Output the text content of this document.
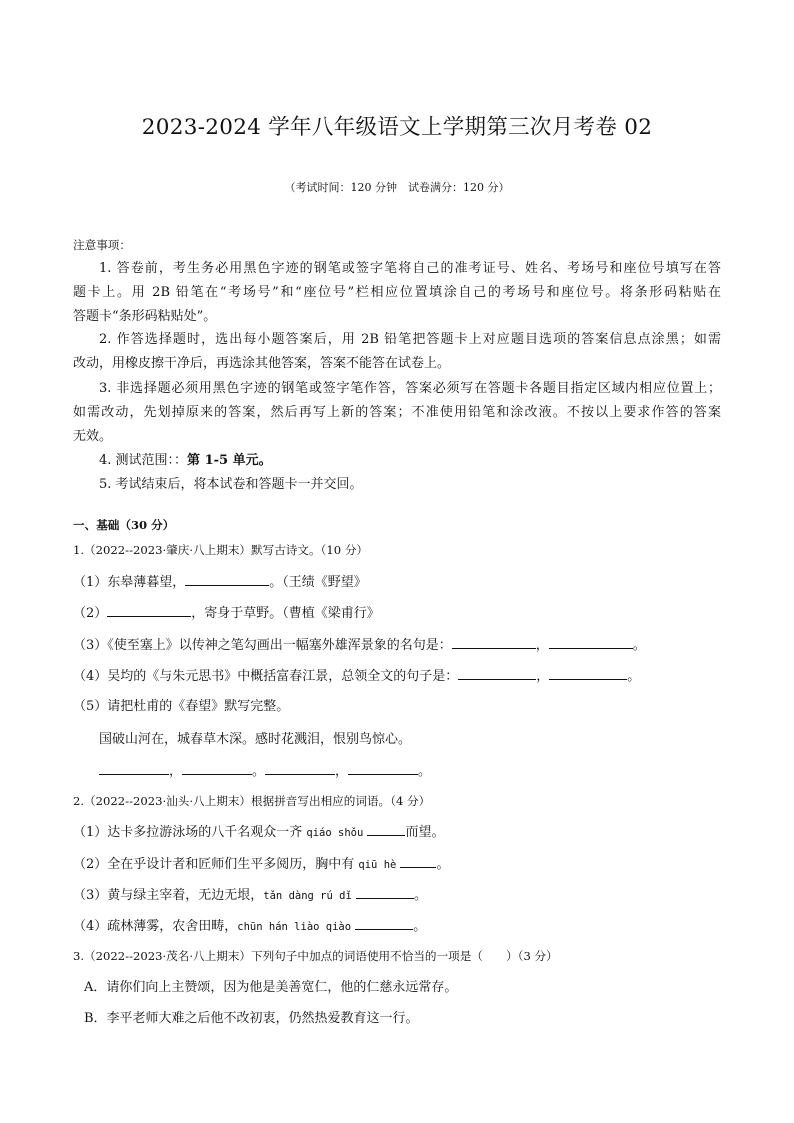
2023-2024 学年八年级语文上学期第三次月考卷 02
（考试时间：120 分钟　试卷满分：120 分）
注意事项：
1. 答卷前，考生务必用黑色字迹的钢笔或签字笔将自己的准考证号、姓名、考场号和座位号填写在答
题卡上。用 2B 铅笔在“考场号”和“座位号”栏相应位置填涂自己的考场号和座位号。将条形码粘贴在
答题卡“条形码粘贴处”。
2. 作答选择题时，选出每小题答案后，用 2B 铅笔把答题卡上对应题目选项的答案信息点涂黑；如需
改动，用橡皮擦干净后，再选涂其他答案，答案不能答在试卷上。
3. 非选择题必须用黑色字迹的钢笔或签字笔作答，答案必须写在答题卡各题目指定区域内相应位置上；
如需改动，先划掉原来的答案，然后再写上新的答案；不准使用铅笔和涂改液。不按以上要求作答的答案
无效。
4. 测试范围：：第 1-5 单元。
5. 考试结束后，将本试卷和答题卡一并交回。
一、基础（30 分）
1.（2022--2023·肇庆·八上期末）默写古诗文。（10 分）
（1）东皋薄暮望，	。（王绩《野望》
（2）	，寄身于草野。（曹植《梁甫行》
（3）《使至塞上》以传神之笔勾画出一幅塞外雄浑景象的名句是：	，	。
（4）吴均的《与朱元思书》中概括富春江景，总领全文的句子是：	，	。
（5）请把杜甫的《春望》默写完整。
国破山河在，城春草木深。感时花溅泪，恨别鸟惊心。
，	。	，	。
2.（2022--2023·汕头·八上期末）根据拼音写出相应的词语。（4 分）
（1）达卡多拉游泳场的八千名观众一齐 qiáo shǒu	而望。
（2）全在乎设计者和匠师们生平多阅历，胸中有 qiū hè	。
（3）黄与绿主宰着，无边无垠，tǎn dàng rú dǐ	。
（4）疏林薄雾，农舍田畴，chūn hán liào qiào	。
3.（2022--2023·茂名·八上期末）下列句子中加点的词语使用不恰当的一项是（　　）（3 分）
A．请你们向上主赞颂，因为他是美善宽仁，他的仁慈永远常存。
B．李平老师大难之后他不改初衷，仍然热爱教育这一行。
